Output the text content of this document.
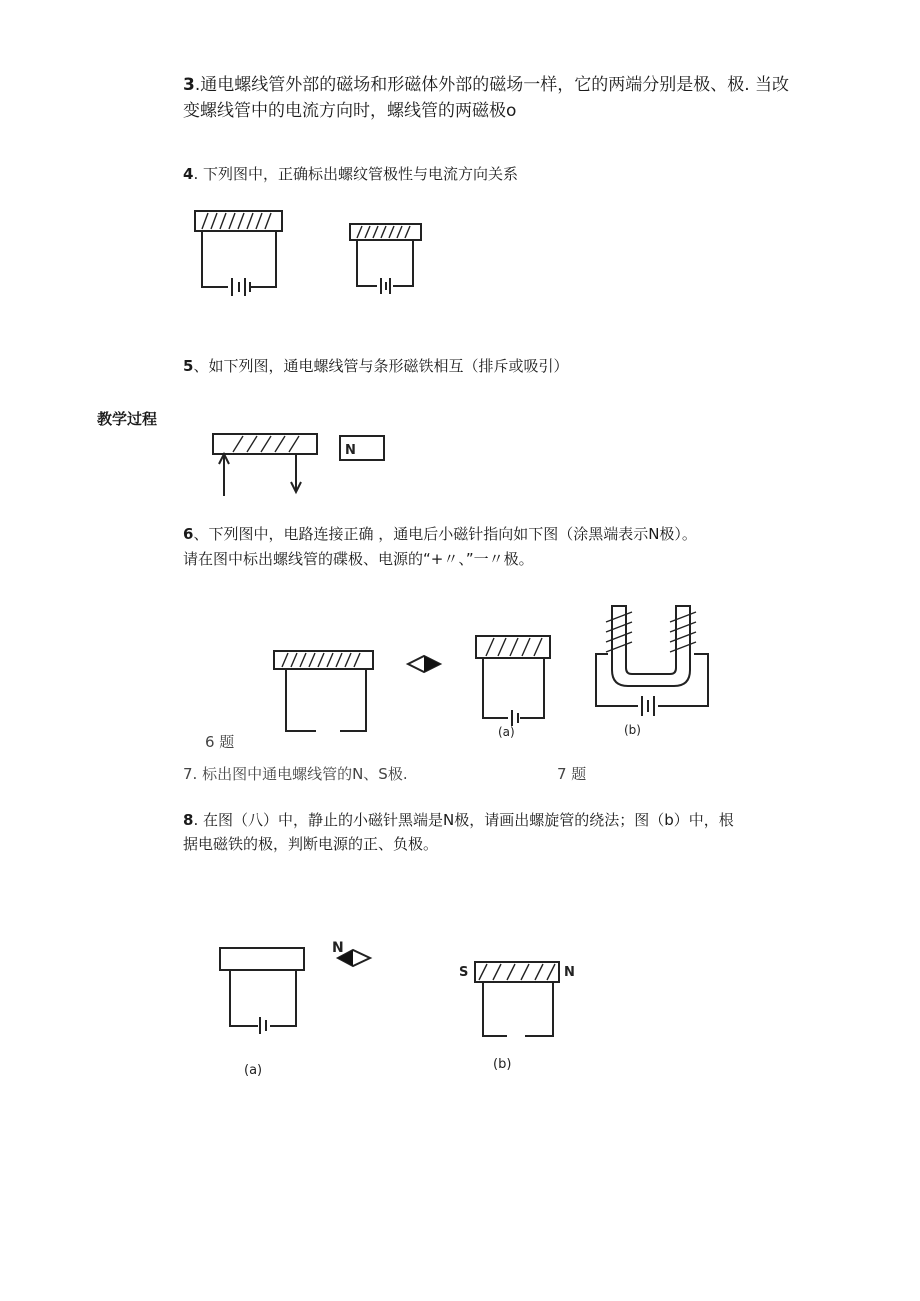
3.通电螺线管外部的磁场和形磁体外部的磁场一样，它的两端分别是极、极. 当改
变螺线管中的电流方向时，螺线管的两磁极o
4. 下列图中，正确标出螺纹管极性与电流方向关系
5、如下列图，通电螺线管与条形磁铁相互（排斥或吸引）
教学过程
N
6、下列图中，电路连接正确 ，通电后小磁针指向如下图（涂黑端表示N极）。
请在图中标出螺线管的碟极、电源的“+〃、”一〃极。
6 题
(a)	(b)
7. 标出图中通电螺线管的N、S极.	7 题
8. 在图（八）中，静止的小磁针黑端是N极，请画出螺旋管的绕法；图（b）中，根
据电磁铁的极，判断电源的正、负极。
N
(a)
S	N
(b)
